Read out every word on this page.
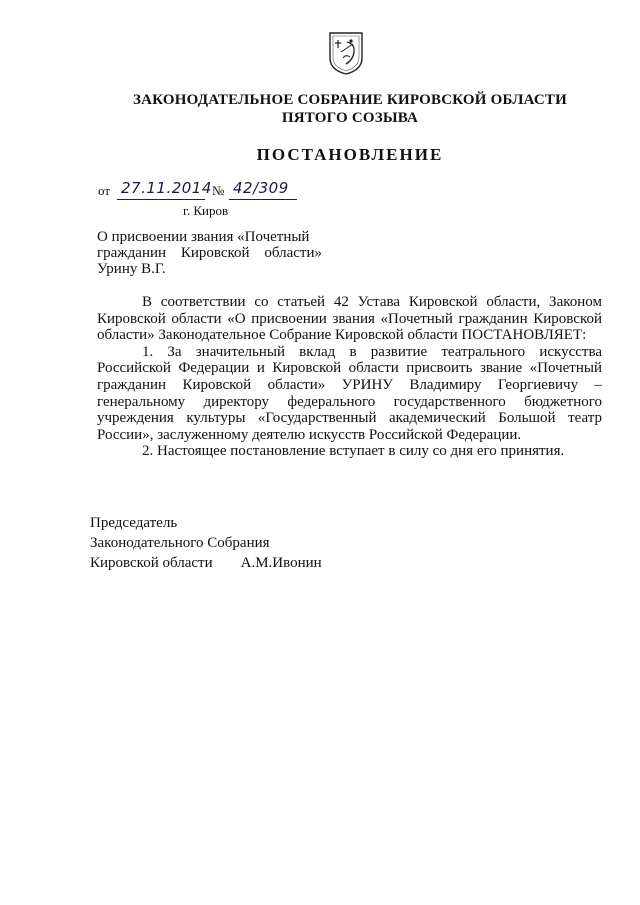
ЗАКОНОДАТЕЛЬНОЕ СОБРАНИЕ КИРОВСКОЙ ОБЛАСТИ
ПЯТОГО СОЗЫВА
ПОСТАНОВЛЕНИЕ
от 27.11.2014 № 42/309
г. Киров
О присвоении звания «Почетный
гражданин Кировской области»
Урину В.Г.

В соответствии со статьей 42 Устава Кировской области, Законом Кировской области «О присвоении звания «Почетный гражданин Кировской области» Законодательное Собрание Кировской области ПОСТАНОВЛЯЕТ:

1. За значительный вклад в развитие театрального искусства Российской Федерации и Кировской области присвоить звание «Почетный гражданин Кировской области» УРИНУ Владимиру Георгиевичу – генеральному директору федерального государственного бюджетного учреждения культуры «Государственный академический Большой театр России», заслуженному деятелю искусств Российской Федерации.

2. Настоящее постановление вступает в силу со дня его принятия.

Председатель
Законодательного Собрания
Кировской области А.М.Ивонин
